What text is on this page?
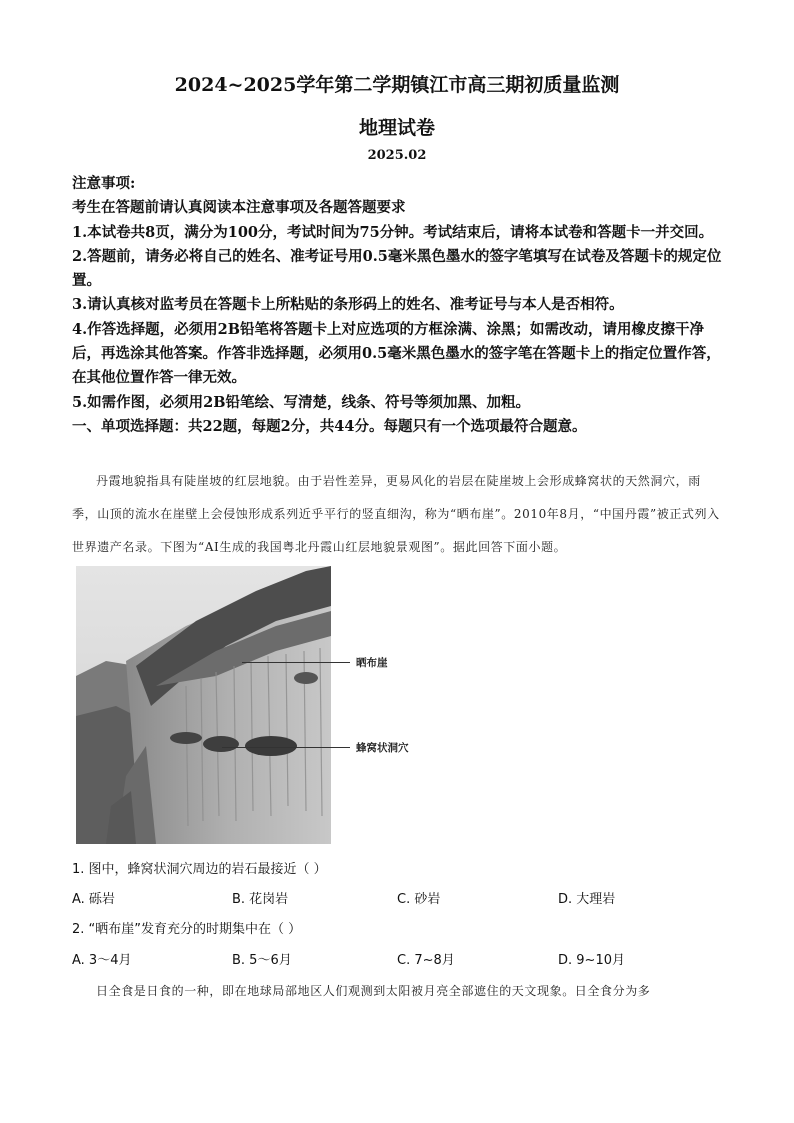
2024~2025学年第二学期镇江市高三期初质量监测
地理试卷
2025.02

注意事项:

考生在答题前请认真阅读本注意事项及各题答题要求

1.本试卷共8页，满分为100分，考试时间为75分钟。考试结束后，请将本试卷和答题卡一并交回。

2.答题前，请务必将自己的姓名、准考证号用0.5毫米黑色墨水的签字笔填写在试卷及答题卡的规定位置。

3.请认真核对监考员在答题卡上所粘贴的条形码上的姓名、准考证号与本人是否相符。

4.作答选择题，必须用2B铅笔将答题卡上对应选项的方框涂满、涂黑；如需改动，请用橡皮擦干净后，再选涂其他答案。作答非选择题，必须用0.5毫米黑色墨水的签字笔在答题卡上的指定位置作答，在其他位置作答一律无效。

5.如需作图，必须用2B铅笔绘、写清楚，线条、符号等须加黑、加粗。

一、单项选择题：共22题，每题2分，共44分。每题只有一个选项最符合题意。

丹霞地貌指具有陡崖坡的红层地貌。由于岩性差异，更易风化的岩层在陡崖坡上会形成蜂窝状的天然洞穴，雨季，山顶的流水在崖壁上会侵蚀形成系列近乎平行的竖直细沟，称为“晒布崖”。2010年8月，“中国丹霞”被正式列入世界遗产名录。下图为“AI生成的我国粤北丹霞山红层地貌景观图”。据此回答下面小题。
晒布崖
蜂窝状洞穴
1. 图中，蜂窝状洞穴周边的岩石最接近（ ）
A. 砾岩	B. 花岗岩	C. 砂岩	D. 大理岩
2. “晒布崖”发育充分的时期集中在（ ）
A. 3～4月	B. 5～6月	C. 7~8月	D. 9~10月
日全食是日食的一种，即在地球局部地区人们观测到太阳被月亮全部遮住的天文现象。日全食分为多
